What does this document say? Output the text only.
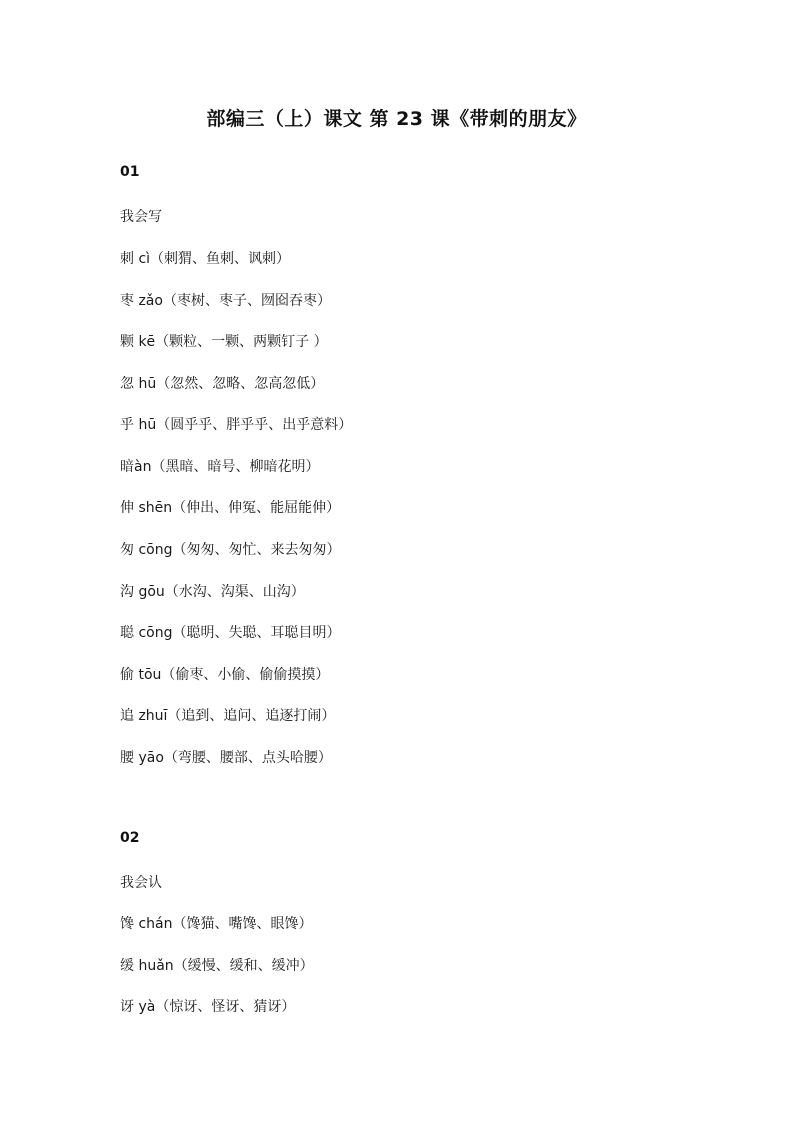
部编三（上）课文 第 23 课《带刺的朋友》
01
我会写
刺 cì（刺猬、鱼刺、讽刺）
枣 zǎo（枣树、枣子、囫囵吞枣）
颗 kē（颗粒、一颗、两颗钉子 ）
忽 hū（忽然、忽略、忽高忽低）
乎 hū（圆乎乎、胖乎乎、出乎意料）
暗àn（黑暗、暗号、柳暗花明）
伸 shēn（伸出、伸冤、能屈能伸）
匆 cōng（匆匆、匆忙、来去匆匆）
沟 gōu（水沟、沟渠、山沟）
聪 cōng（聪明、失聪、耳聪目明）
偷 tōu（偷枣、小偷、偷偷摸摸）
追 zhuī（追到、追问、追逐打闹）
腰 yāo（弯腰、腰部、点头哈腰）
02
我会认
馋 chán（馋猫、嘴馋、眼馋）
缓 huǎn（缓慢、缓和、缓冲）
讶 yà（惊讶、怪讶、猜讶）
